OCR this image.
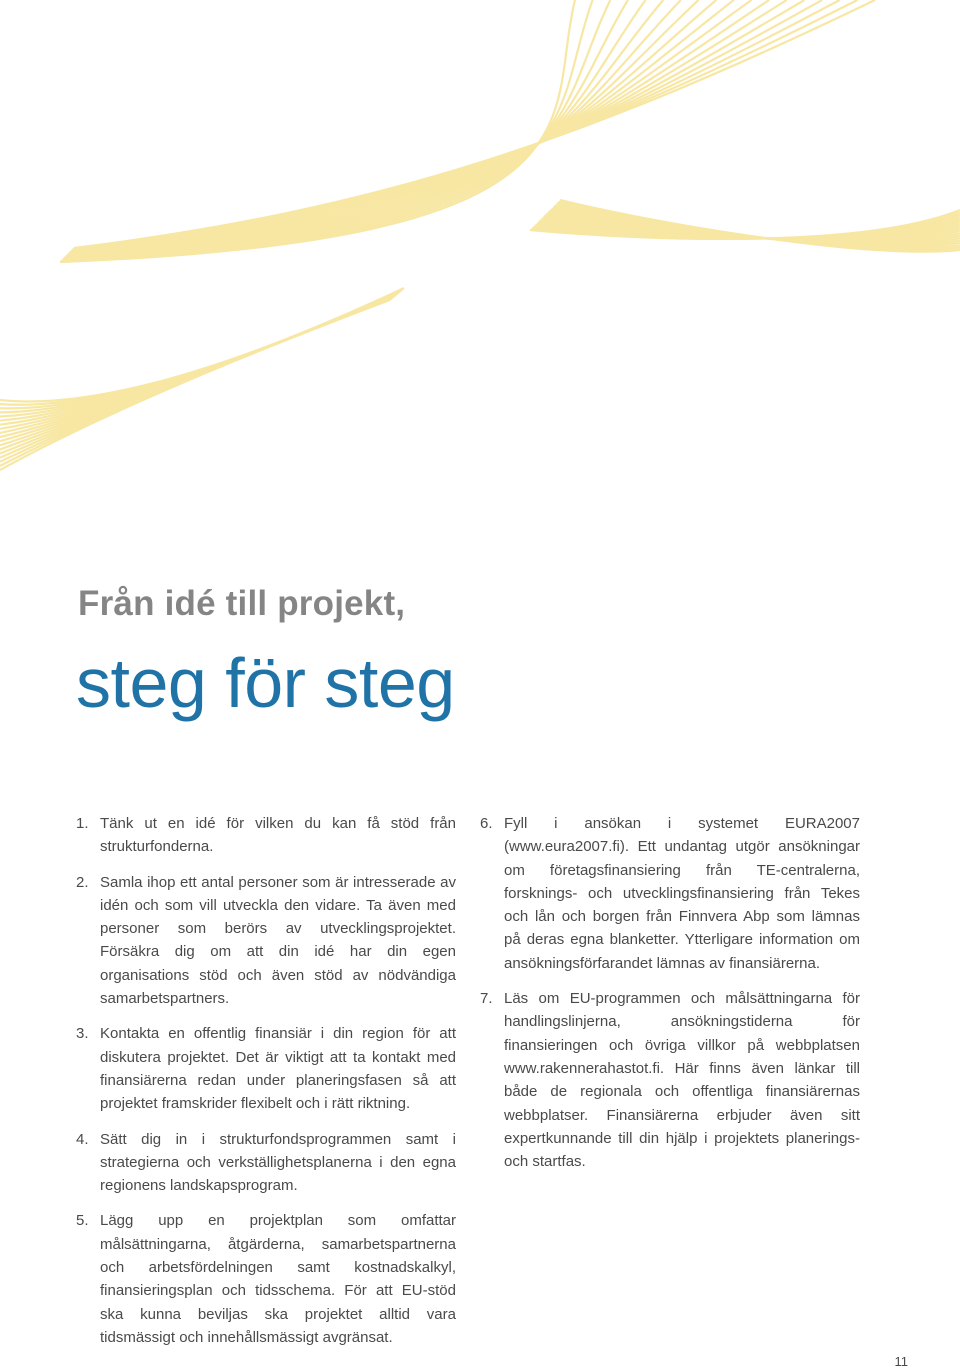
Från idé till projekt,
steg för steg
1. Tänk ut en idé för vilken du kan få stöd från strukturfonderna.
2. Samla ihop ett antal personer som är intresserade av idén och som vill utveckla den vidare. Ta även med personer som berörs av utvecklingsprojektet. Försäkra dig om att din idé har din egen organisations stöd och även stöd av nödvändiga samarbetspartners.
3. Kontakta en offentlig finansiär i din region för att diskutera projektet. Det är viktigt att ta kontakt med finansiärerna redan under planeringsfasen så att projektet framskrider flexibelt och i rätt riktning.
4. Sätt dig in i strukturfondsprogrammen samt i strategierna och verkställighetsplanerna i den egna regionens landskapsprogram.
5. Lägg upp en projektplan som omfattar målsättningarna, åtgärderna, samarbetspartnerna och arbetsfördelningen samt kostnadskalkyl, finansieringsplan och tidsschema. För att EU-stöd ska kunna beviljas ska projektet alltid vara tidsmässigt och innehållsmässigt avgränsat.
6. Fyll i ansökan i systemet EURA2007 (www.eura2007.fi). Ett undantag utgör ansökningar om företagsfinansiering från TE-centralerna, forsknings- och utvecklingsfinansiering från Tekes och lån och borgen från Finnvera Abp som lämnas på deras egna blanketter. Ytterligare information om ansökningsförfarandet lämnas av finansiärerna.
7. Läs om EU-programmen och målsättningarna för handlingslinjerna, ansökningstiderna för finansieringen och övriga villkor på webbplatsen www.rakennerahastot.fi. Här finns även länkar till både de regionala och offentliga finansiärernas webbplatser. Finansiärerna erbjuder även sitt expertkunnande till din hjälp i projektets planerings- och startfas.
11
